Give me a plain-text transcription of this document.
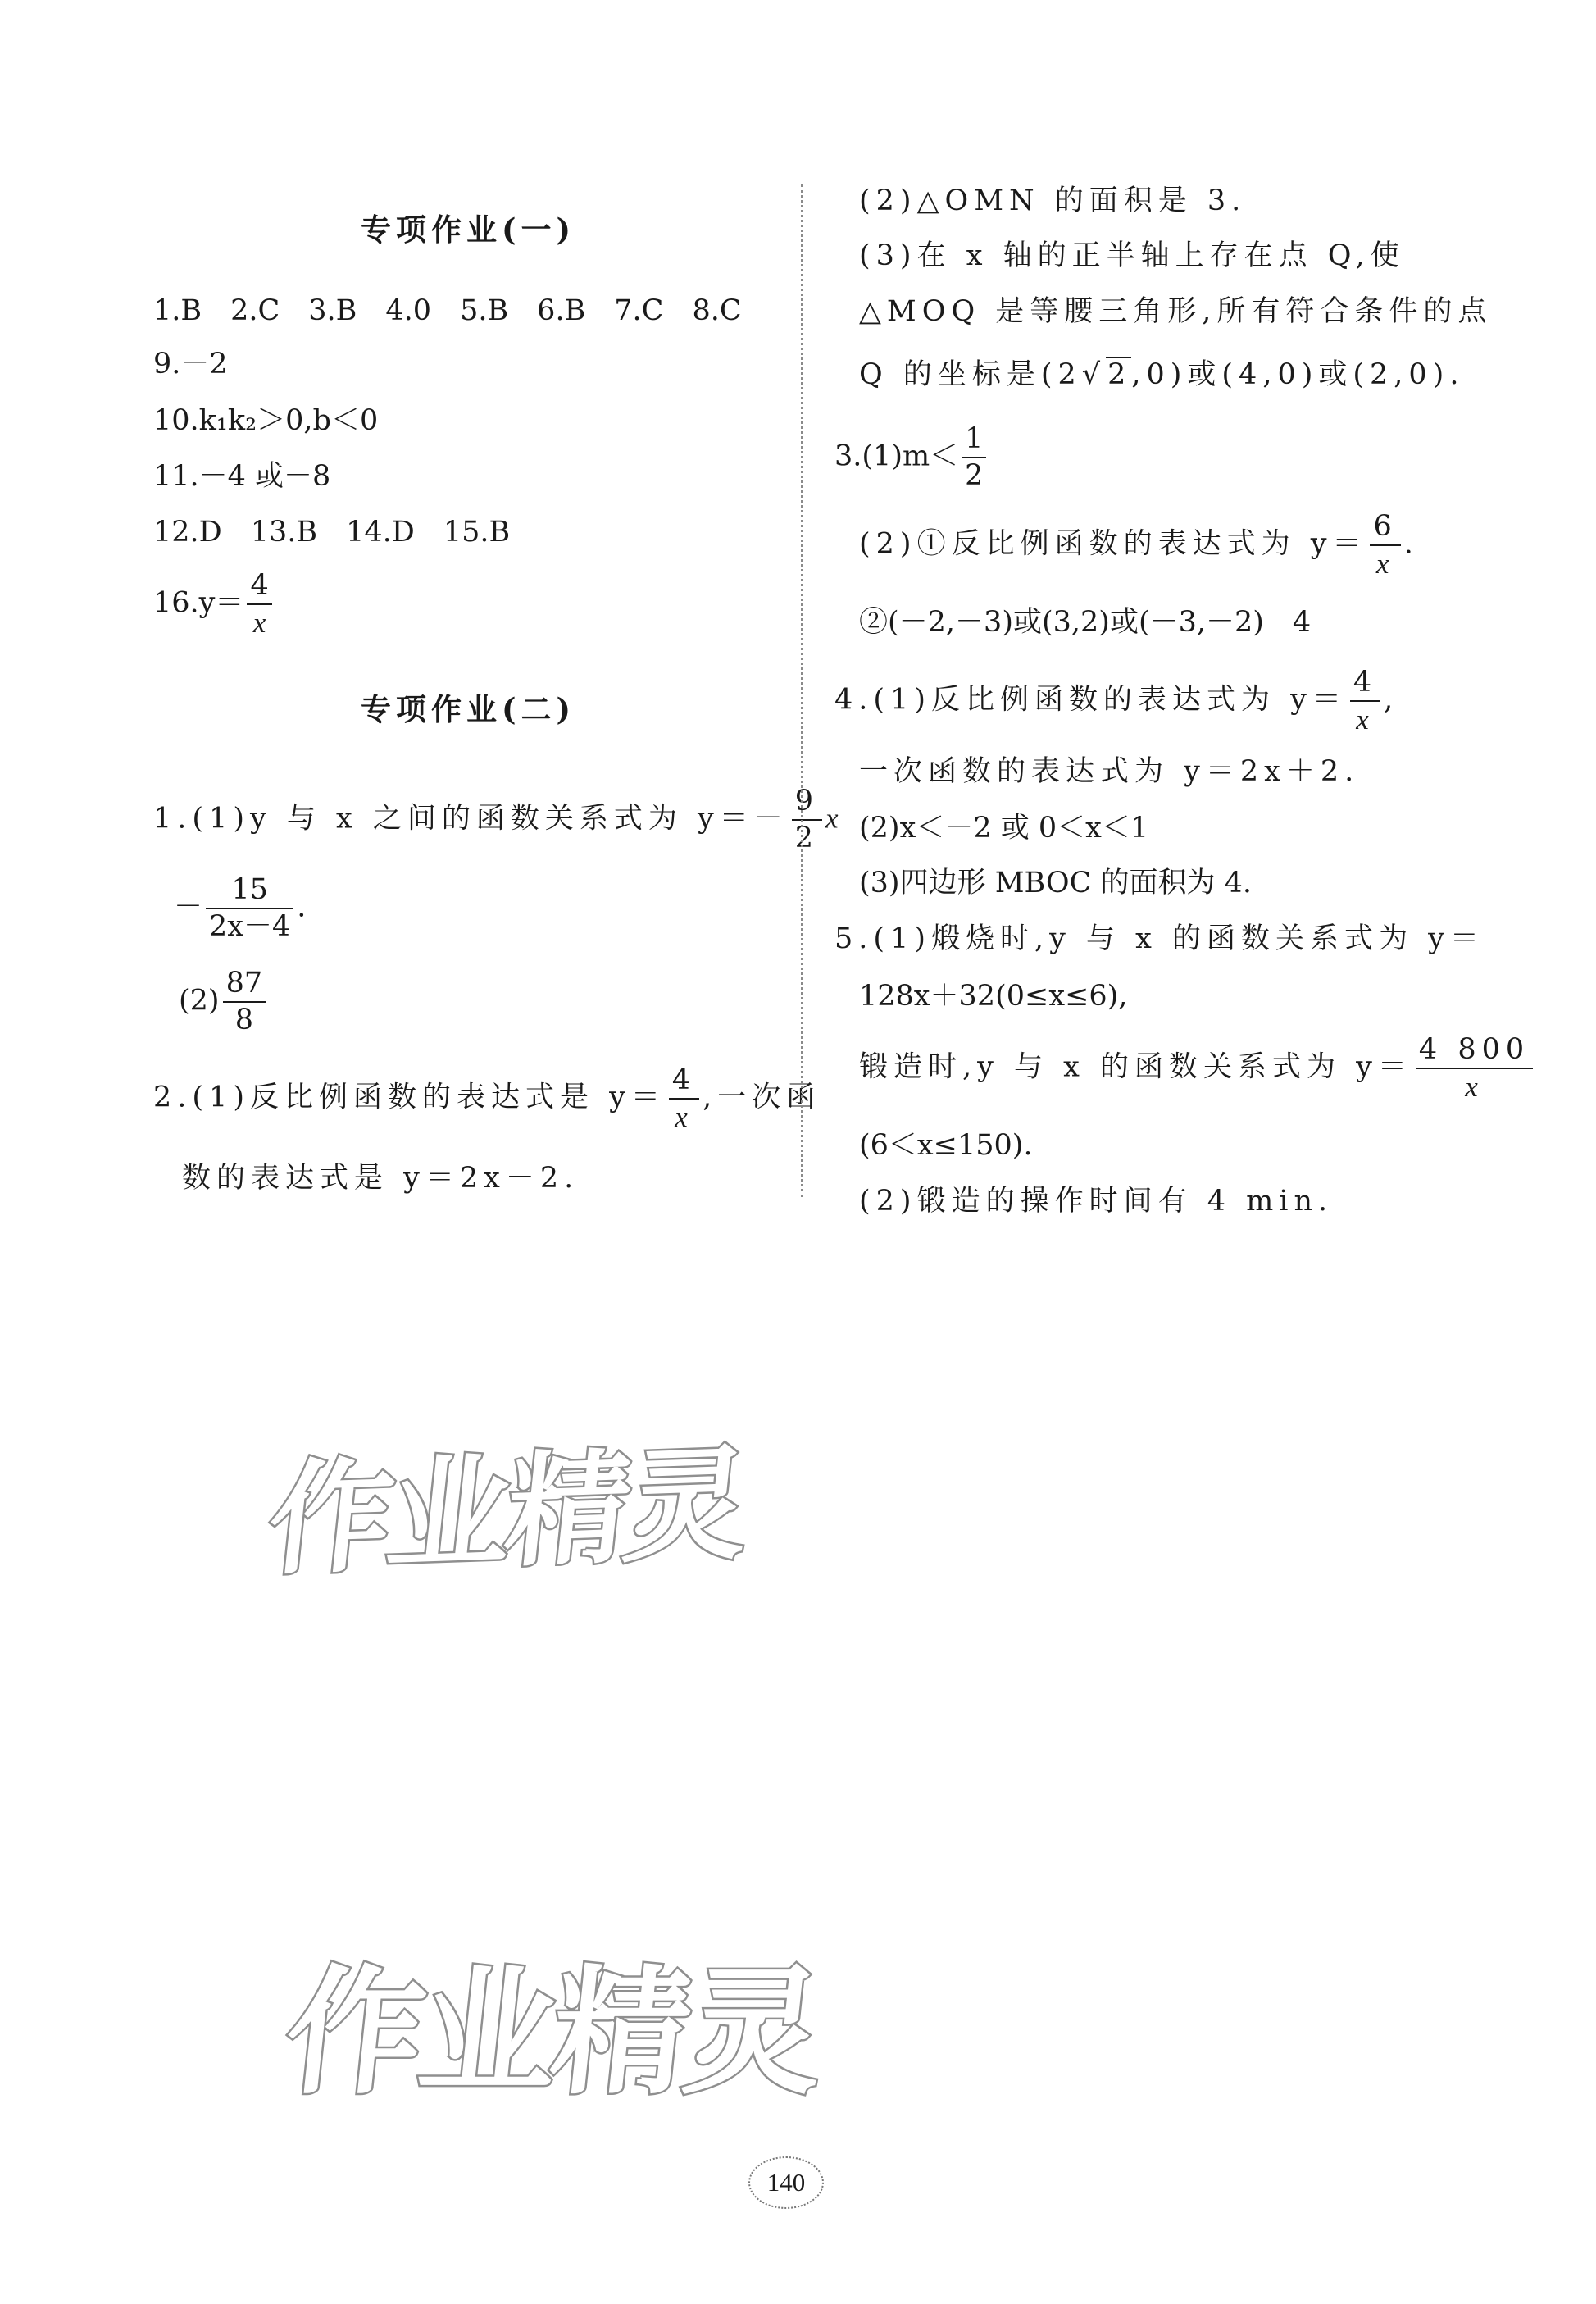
专项作业(一)
1.B　2.C　3.B　4.0　5.B　6.B　7.C　8.C
9.－2
10.k₁k₂＞0,b＜0
11.－4 或－8
12.D　13.B　14.D　15.B
$16.y= \frac{4}{x}$
专项作业(二)
1.(1)y 与 x 之间的函数关系式为 $y=- \frac{9}{2}$ x
－ $\frac{15}{2x-4}$ .
$(2) \frac{87}{8}$
2.(1)反比例函数的表达式是 $y= \frac{4}{x}$ ,一次函
数的表达式是 y＝2x－2.
(2)△OMN 的面积是 3.
(3)在 x 轴的正半轴上存在点 Q,使
△MOQ 是等腰三角形,所有符合条件的点
Q 的坐标是(2√2,0)或(4,0)或(2,0).
$3.(1)m< \frac{1}{2}$
(2)①反比例函数的表达式为 $y= \frac{6}{x}$ .
②(－2,－3)或(3,2)或(－3,－2)　4
4.(1)反比例函数的表达式为 $y= \frac{4}{x}$ ,
一次函数的表达式为 y＝2x＋2.
(2)x＜－2 或 0＜x＜1
(3)四边形 MBOC 的面积为 4.
5.(1)煅烧时,y 与 x 的函数关系式为 y＝
128x＋32(0≤x≤6),
锻造时,y 与 x 的函数关系式为 $y= \frac{4 800}{x}$
(6＜x≤150).
(2)锻造的操作时间有 4 min.
作业精灵
作业精灵
140
